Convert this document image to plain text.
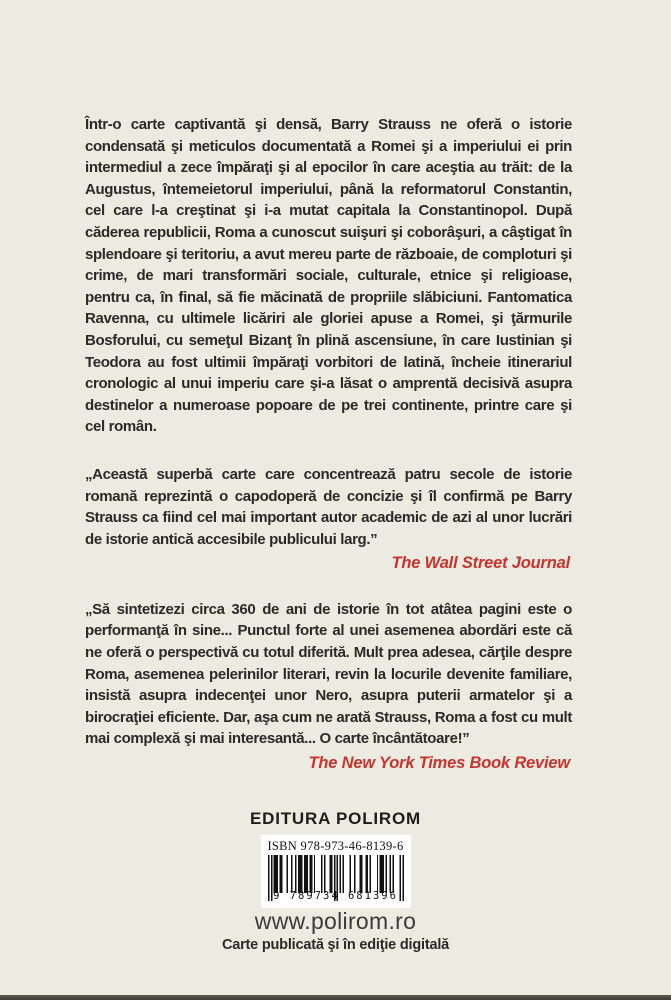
Într-o carte captivantă şi densă, Barry Strauss ne oferă o istorie condensată şi meticulos documentată a Romei şi a imperiului ei prin intermediul a zece împăraţi şi al epocilor în care aceştia au trăit: de la Augustus, întemeietorul imperiului, până la reformatorul Constantin, cel care l-a creştinat şi i-a mutat capitala la Constantinopol. După căderea republicii, Roma a cunoscut suişuri şi coborâşuri, a câştigat în splendoare şi teritoriu, a avut mereu parte de războaie, de comploturi şi crime, de mari transformări sociale, culturale, etnice şi religioase, pentru ca, în final, să fie măcinată de propriile slăbiciuni. Fantomatica Ravenna, cu ultimele licăriri ale gloriei apuse a Romei, şi ţărmurile Bosforului, cu semeţul Bizanţ în plină ascensiune, în care Iustinian şi Teodora au fost ultimii împăraţi vorbitori de latină, încheie itinerariul cronologic al unui imperiu care şi-a lăsat o amprentă decisivă asupra destinelor a numeroase popoare de pe trei continente, printre care şi cel român.

„Această superbă carte care concentrează patru secole de istorie romană reprezintă o capodoperă de concizie şi îl confirmă pe Barry Strauss ca fiind cel mai important autor academic de azi al unor lucrări de istorie antică accesibile publicului larg.”

The Wall Street Journal

„Să sintetizezi circa 360 de ani de istorie în tot atâtea pagini este o performanţă în sine... Punctul forte al unei asemenea abordări este că ne oferă o perspectivă cu totul diferită. Mult prea adesea, cărţile despre Roma, asemenea pelerinilor literari, revin la locurile devenite familiare, insistă asupra indecenţei unor Nero, asupra puterii armatelor şi a birocraţiei eficiente. Dar, aşa cum ne arată Strauss, Roma a fost cu mult mai complexă şi mai interesantă... O carte încântătoare!”

The New York Times Book Review

EDITURA POLIROM
ISBN 978-973-46-8139-6
9 789734 681396
www.polirom.ro
Carte publicată şi în ediţie digitală
